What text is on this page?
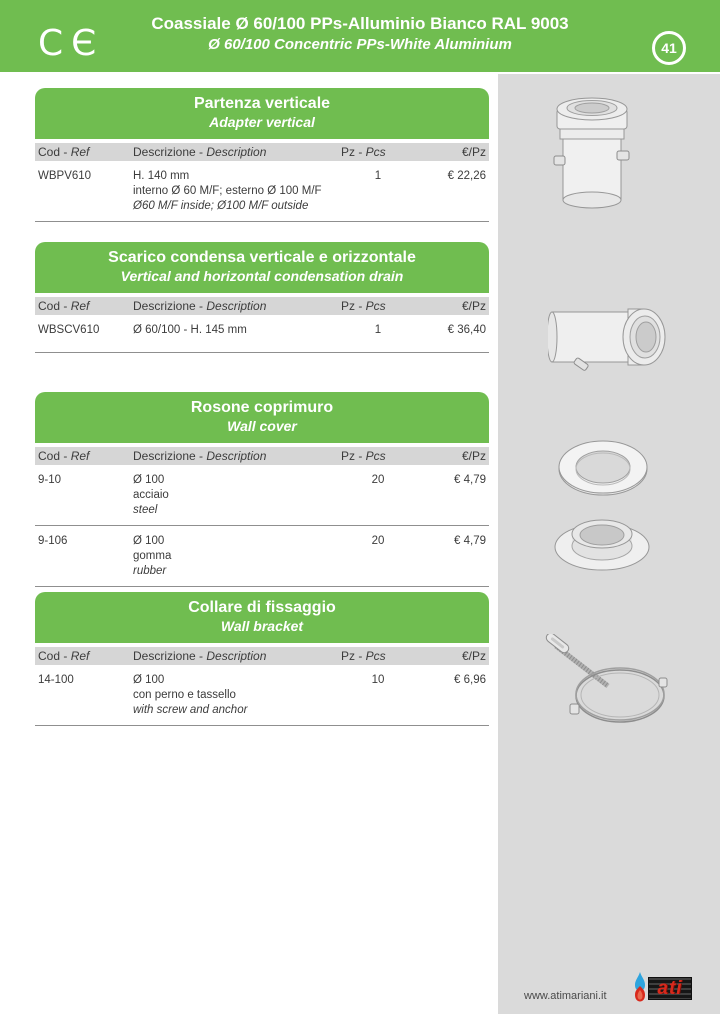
CЄ	Coassiale Ø 60/100 PPs-Alluminio Bianco RAL 9003
Ø 60/100 Concentric PPs-White Aluminium	41
www.atimariani.it	ati
Partenza verticale
Adapter vertical
Cod - Ref	Descrizione - Description	Pz - Pcs	€/Pz
WBPV610	H. 140 mm
interno Ø 60 M/F; esterno Ø 100 M/F
Ø60 M/F inside; Ø100 M/F outside
1	€ 22,26
Scarico condensa verticale e orizzontale
Vertical and horizontal condensation drain
Cod - Ref	Descrizione - Description	Pz - Pcs	€/Pz
WBSCV610	Ø 60/100 - H. 145 mm	1	€ 36,40
Rosone coprimuro
Wall cover
Cod - Ref	Descrizione - Description	Pz - Pcs	€/Pz
9-10	Ø 100
acciaio
steel
20	€ 4,79
9-106	Ø 100
gomma
rubber
20	€ 4,79
Collare di fissaggio
Wall bracket
Cod - Ref	Descrizione - Description	Pz - Pcs	€/Pz
14-100	Ø 100
con perno e tassello
with screw and anchor
10	€ 6,96
